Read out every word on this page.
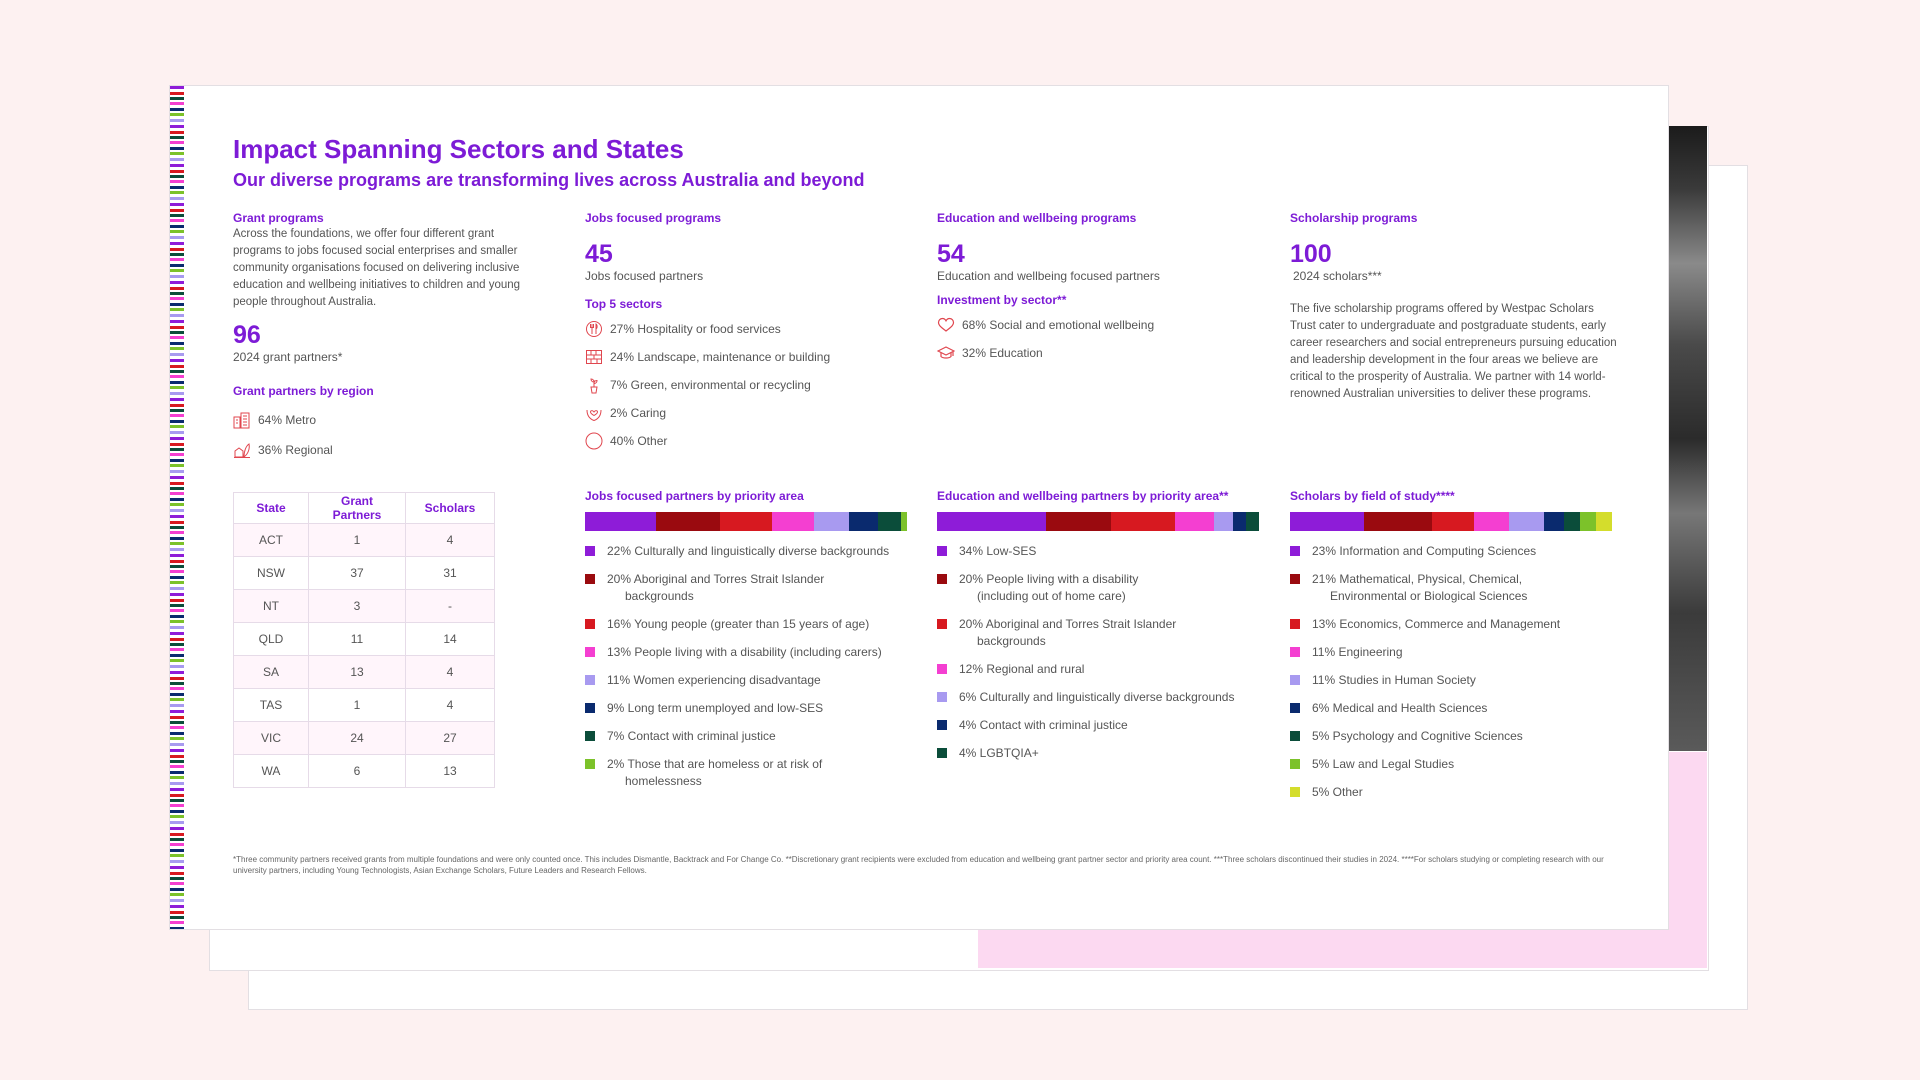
Impact Spanning Sectors and States
Our diverse programs are transforming lives across Australia and beyond
Grant programs
Across the foundations, we offer four different grant programs to jobs focused social enterprises and smaller community organisations focused on delivering inclusive education and wellbeing initiatives to children and young people throughout Australia.
96
2024 grant partners*
Grant partners by region
64% Metro
36% Regional
State	Grant Partners	Scholars
ACT	1	4
NSW	37	31
NT	3	-
QLD	11	14
SA	13	4
TAS	1	4
VIC	24	27
WA	6	13
Jobs focused programs
45
Jobs focused partners
Top 5 sectors
27% Hospitality or food services
24% Landscape, maintenance or building
7% Green, environmental or recycling
2% Caring
40% Other
Education and wellbeing programs
54
Education and wellbeing focused partners
Investment by sector**
68% Social and emotional wellbeing
32% Education
Scholarship programs
100
2024 scholars***
The five scholarship programs offered by Westpac Scholars Trust cater to undergraduate and postgraduate students, early career researchers and social entrepreneurs pursuing education and leadership development in the four areas we believe are critical to the prosperity of Australia. We partner with 14 world-renowned Australian universities to deliver these programs.
Jobs focused partners by priority area
22% Culturally and linguistically diverse backgrounds
20% Aboriginal and Torres Strait Islander
backgrounds
16% Young people (greater than 15 years of age)
13% People living with a disability (including carers)
11% Women experiencing disadvantage
9% Long term unemployed and low-SES
7% Contact with criminal justice
2% Those that are homeless or at risk of
homelessness
Education and wellbeing partners by priority area**
34% Low-SES
20% People living with a disability
(including out of home care)
20% Aboriginal and Torres Strait Islander
backgrounds
12% Regional and rural
6% Culturally and linguistically diverse backgrounds
4% Contact with criminal justice
4% LGBTQIA+
Scholars by field of study****
23% Information and Computing Sciences
21% Mathematical, Physical, Chemical,
Environmental or Biological Sciences
13% Economics, Commerce and Management
11% Engineering
11% Studies in Human Society
6% Medical and Health Sciences
5% Psychology and Cognitive Sciences
5% Law and Legal Studies
5% Other
*Three community partners received grants from multiple foundations and were only counted once. This includes Dismantle, Backtrack and For Change Co. **Discretionary grant recipients were excluded from education and wellbeing grant partner sector and priority area count. ***Three scholars discontinued their studies in 2024. ****For scholars studying or completing research with our university partners, including Young Technologists, Asian Exchange Scholars, Future Leaders and Research Fellows.
